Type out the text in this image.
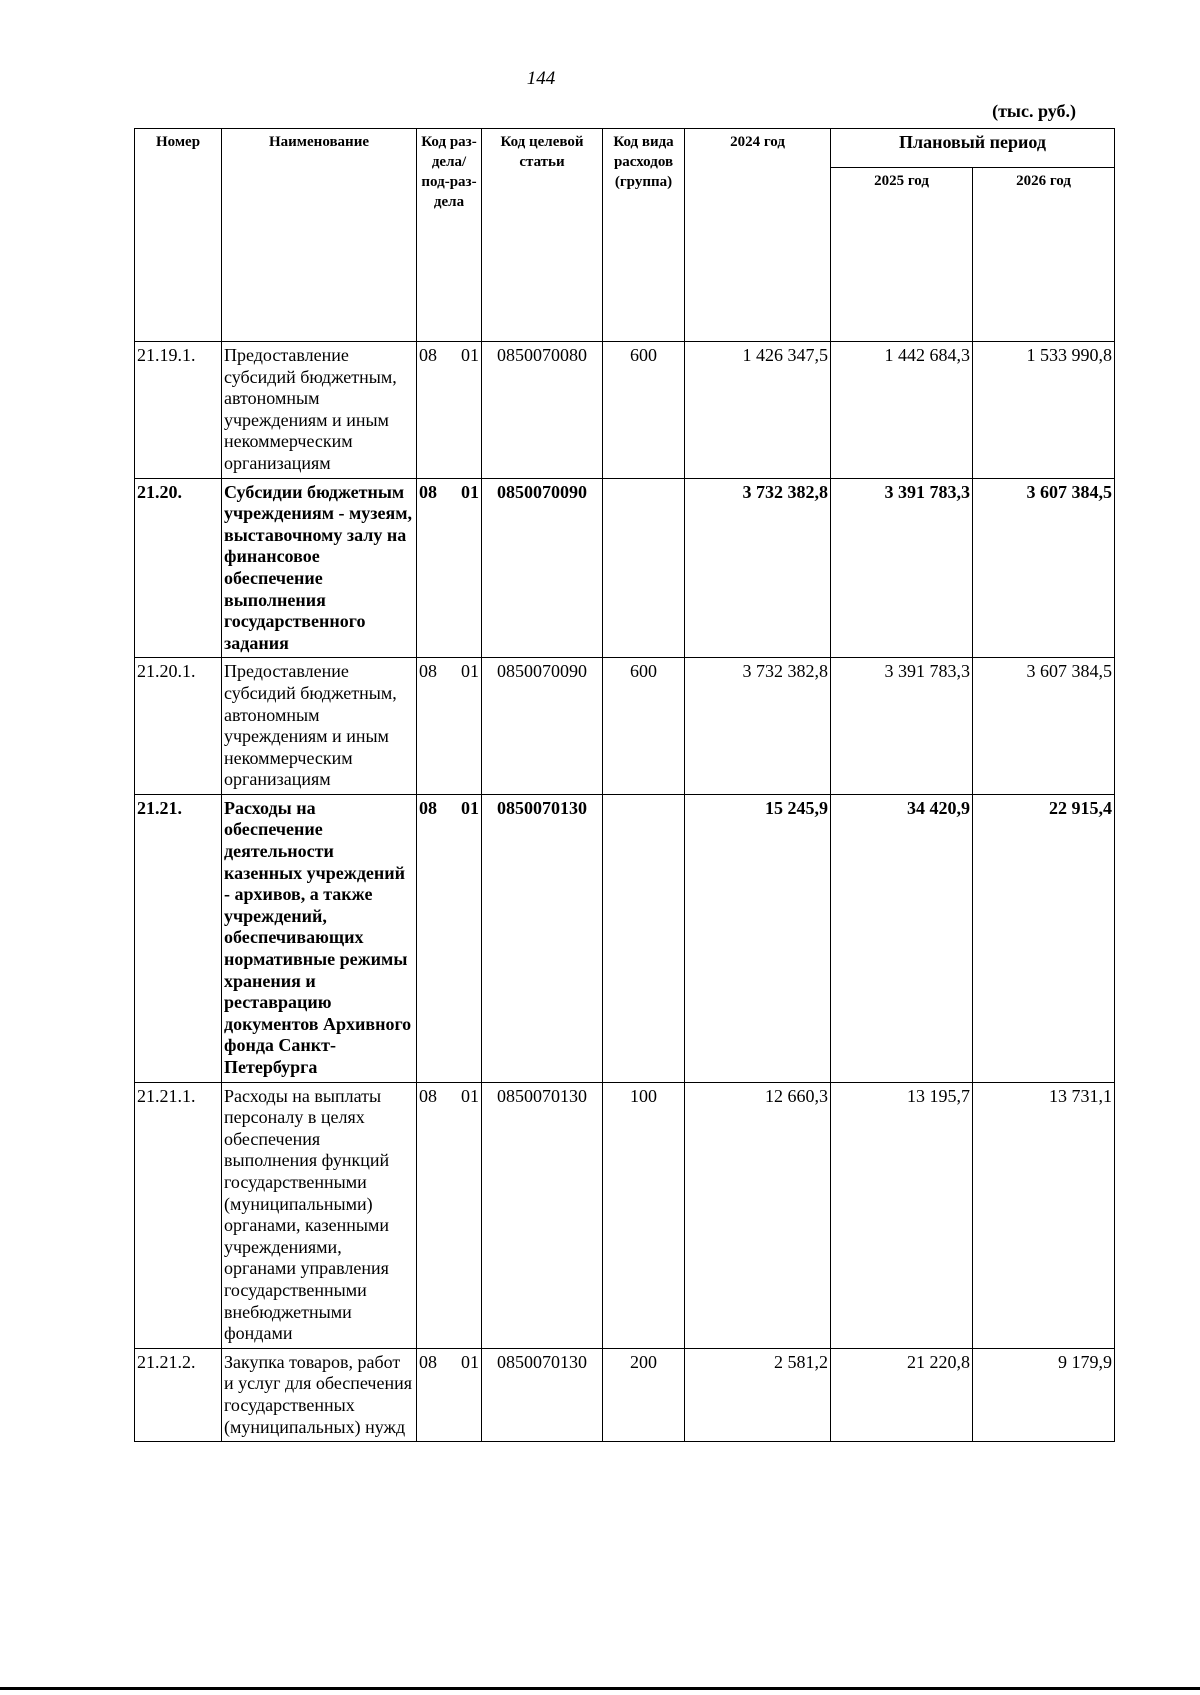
144
(тыс. руб.)
Номер	Наименование	Код раз-дела/ под-раз-дела	Код целевой статьи	Код вида расходов (группа)	2024 год	Плановый период	
						2025 год	2026 год
21.19.1.	Предоставление субсидий бюджетным, автономным учреждениям и иным некоммерческим организациям	08 01	0850070080	600	1 426 347,5	1 442 684,3	1 533 990,8
21.20.	Субсидии бюджетным учреждениям - музеям, выставочному залу на финансовое обеспечение выполнения государственного задания	08 01	0850070090		3 732 382,8	3 391 783,3	3 607 384,5
21.20.1.	Предоставление субсидий бюджетным, автономным учреждениям и иным некоммерческим организациям	08 01	0850070090	600	3 732 382,8	3 391 783,3	3 607 384,5
21.21.	Расходы на обеспечение деятельности казенных учреждений - архивов, а также учреждений, обеспечивающих нормативные режимы хранения и реставрацию документов Архивного фонда Санкт-Петербурга	08 01	0850070130		15 245,9	34 420,9	22 915,4
21.21.1.	Расходы на выплаты персоналу в целях обеспечения выполнения функций государственными (муниципальными) органами, казенными учреждениями, органами управления государственными внебюджетными фондами	08 01	0850070130	100	12 660,3	13 195,7	13 731,1
21.21.2.	Закупка товаров, работ и услуг для обеспечения государственных (муниципальных) нужд	08 01	0850070130	200	2 581,2	21 220,8	9 179,9
